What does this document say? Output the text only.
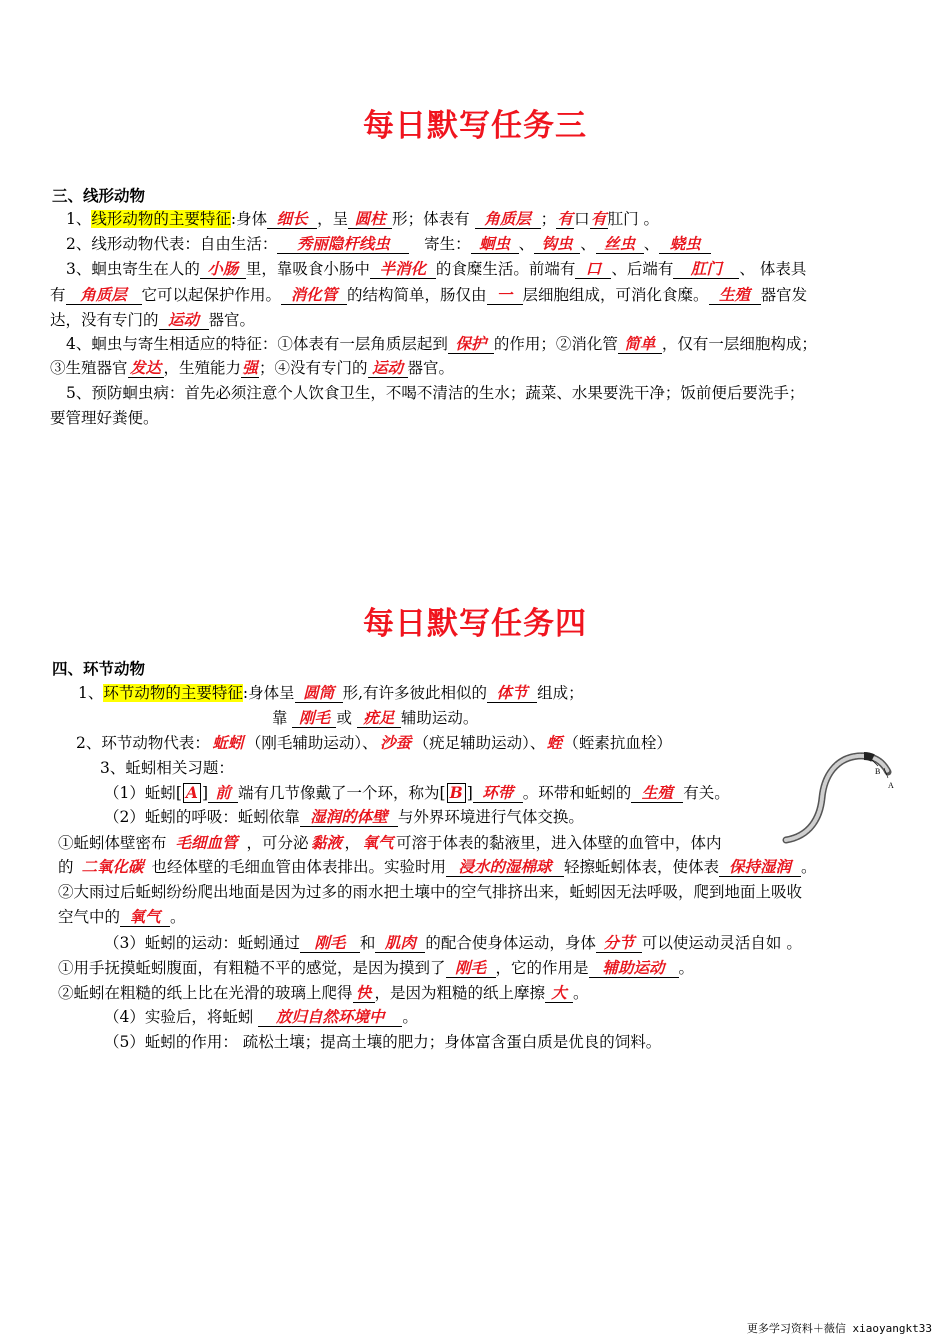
每日默写任务三
三、线形动物
1、线形动物的主要特征:身体 细长 ，呈 圆柱 形；体表有 角质层 ；有口有肛门 。
2、线形动物代表：自由生活： 秀丽隐杆线虫 寄生： 蛔虫 、 钩虫 、 丝虫 、 蛲虫
3、蛔虫寄生在人的 小肠 里，靠吸食小肠中 半消化 的食糜生活。前端有 口 、后端有 肛门 、 体表具
有 角质层 它可以起保护作用。 消化管 的结构简单，肠仅由 一 层细胞组成，可消化食糜。 生殖 器官发
达，没有专门的 运动 器官。
4、蛔虫与寄生相适应的特征：①体表有一层角质层起到 保护 的作用；②消化管 简单 ，仅有一层细胞构成；
③生殖器官 发达 ，生殖能力强；④没有专门的 运动 器官。
5、预防蛔虫病：首先必须注意个人饮食卫生，不喝不清洁的生水；蔬菜、水果要洗干净；饭前便后要洗手；
要管理好粪便。
每日默写任务四
四、环节动物
1、环节动物的主要特征:身体呈 圆筒 形,有许多彼此相似的 体节 组成；
靠 刚毛 或 疣足 辅助运动。
2、环节动物代表： 蚯蚓 （刚毛辅助运动）、 沙蚕 （疣足辅助运动）、蛭（蛭素抗血栓）
3、蚯蚓相关习题：
（1）蚯蚓[ A ] 前 端有几节像戴了一个环，称为[ B ] 环带 。环带和蚯蚓的 生殖 有关。
（2）蚯蚓的呼吸：蚯蚓依靠 湿润的体壁 与外界环境进行气体交换。
①蚯蚓体壁密布 毛细血管 ，可分泌 黏液 ， 氧气 可溶于体表的黏液里，进入体壁的血管中，体内
的 二氧化碳 也经体壁的毛细血管由体表排出。实验时用 浸水的湿棉球 轻擦蚯蚓体表，使体表 保持湿润 。
②大雨过后蚯蚓纷纷爬出地面是因为过多的雨水把土壤中的空气排挤出来，蚯蚓因无法呼吸，爬到地面上吸收
空气中的 氧气 。
（3）蚯蚓的运动：蚯蚓通过 刚毛 和 肌肉 的配合使身体运动，身体 分节 可以使运动灵活自如 。
①用手抚摸蚯蚓腹面，有粗糙不平的感觉，是因为摸到了 刚毛 ，它的作用是 辅助运动 。
②蚯蚓在粗糙的纸上比在光滑的玻璃上爬得 快 ，是因为粗糙的纸上摩擦 大 。
（4）实验后，将蚯蚓 放归自然环境中 。
（5）蚯蚓的作用： 疏松土壤；提高土壤的肥力；身体富含蛋白质是优良的饲料。
B
A
更多学习资料＋薇信 xiaoyangkt33
